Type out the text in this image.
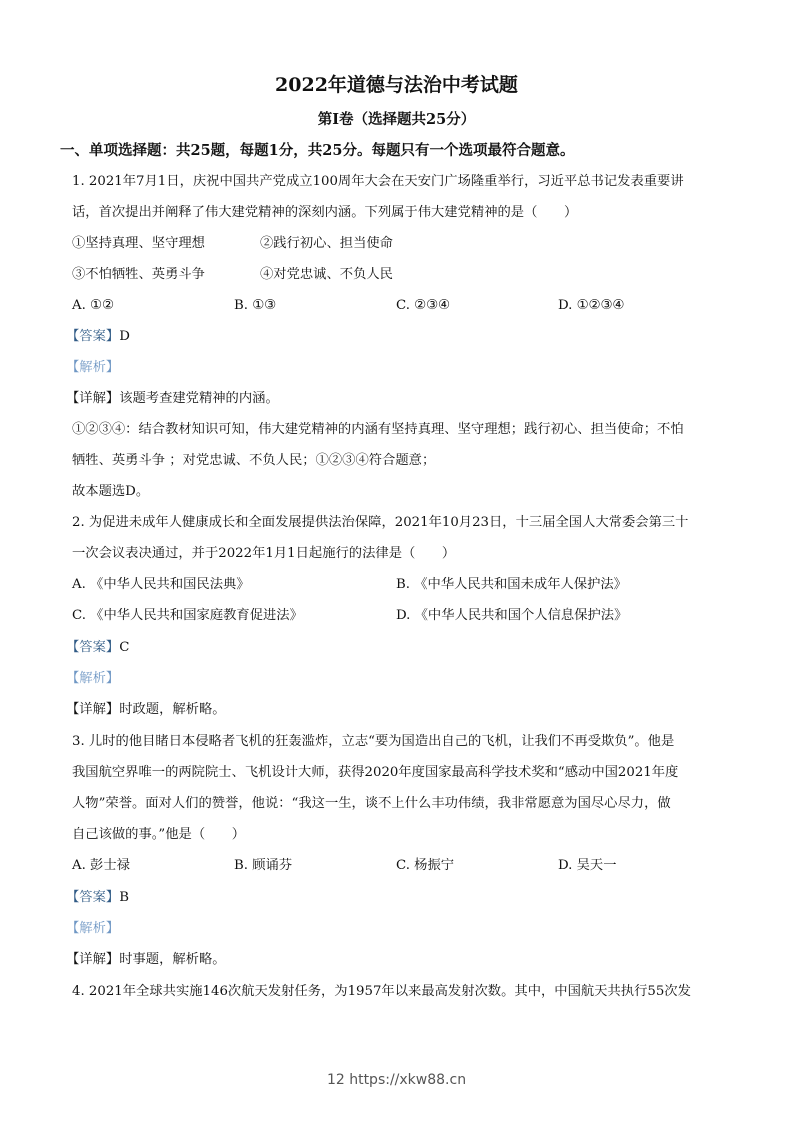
2022年道德与法治中考试题
第I卷（选择题共25分）
一、单项选择题：共25题，每题1分，共25分。每题只有一个选项最符合题意。
1. 2021年7月1日，庆祝中国共产党成立100周年大会在天安门广场隆重举行，习近平总书记发表重要讲
话，首次提出并阐释了伟大建党精神的深刻内涵。下列属于伟大建党精神的是（　　）
①坚持真理、坚守理想	②践行初心、担当使命
③不怕牺牲、英勇斗争	④对党忠诚、不负人民
A. ①②	B. ①③	C. ②③④	D. ①②③④
【答案】D
【解析】
【详解】该题考查建党精神的内涵。
①②③④：结合教材知识可知，伟大建党精神的内涵有坚持真理、坚守理想；践行初心、担当使命；不怕
牺牲、英勇斗争 ；对党忠诚、不负人民；①②③④符合题意；
故本题选D。
2. 为促进未成年人健康成长和全面发展提供法治保障，2021年10月23日，十三届全国人大常委会第三十
一次会议表决通过，并于2022年1月1日起施行的法律是（　　）
A. 《中华人民共和国民法典》	B. 《中华人民共和国未成年人保护法》
C. 《中华人民共和国家庭教育促进法》	D. 《中华人民共和国个人信息保护法》
【答案】C
【解析】
【详解】时政题，解析略。
3. 儿时的他目睹日本侵略者飞机的狂轰滥炸，立志“要为国造出自己的飞机，让我们不再受欺负”。他是
我国航空界唯一的两院院士、飞机设计大师，获得2020年度国家最高科学技术奖和“感动中国2021年度
人物”荣誉。面对人们的赞誉，他说：“我这一生，谈不上什么丰功伟绩，我非常愿意为国尽心尽力，做
自己该做的事。”他是（　　）
A. 彭士禄	B. 顾诵芬	C. 杨振宁	D. 吴天一
【答案】B
【解析】
【详解】时事题，解析略。
4. 2021年全球共实施146次航天发射任务，为1957年以来最高发射次数。其中，中国航天共执行55次发
12 https://xkw88.cn
